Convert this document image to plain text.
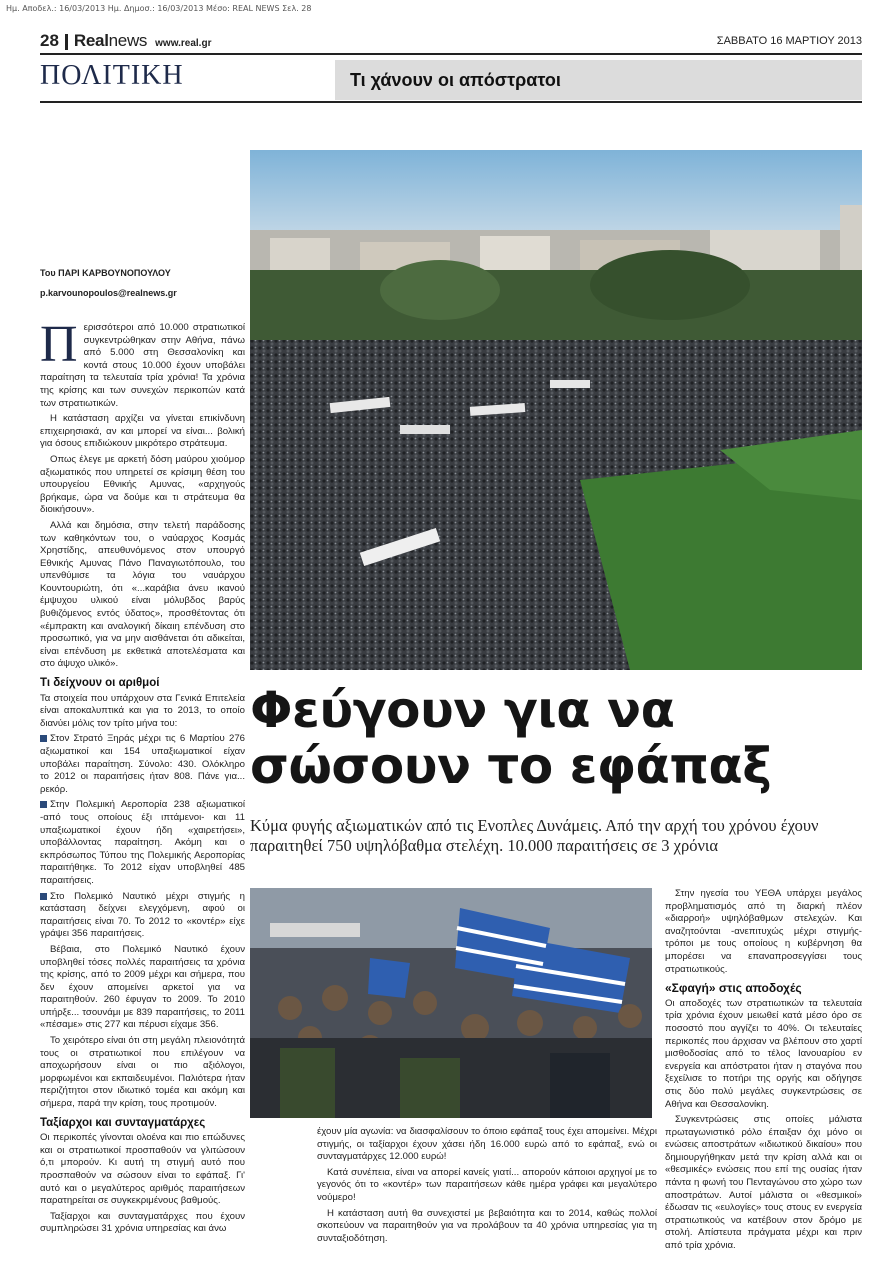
Ημ. Αποδελ.: 16/03/2013 Ημ. Δημοσ.: 16/03/2013 Μέσο: REAL NEWS Σελ. 28
28 Realnews www.real.gr	ΣΑΒΒΑΤΟ 16 ΜΑΡΤΙΟΥ 2013
ΠΟΛΙΤΙΚΗ	Τι χάνουν οι απόστρατοι
Του ΠΑΡΙ ΚΑΡΒΟΥΝΟΠΟΥΛΟΥ
p.karvounopoulos@realnews.gr

Περισσότεροι από 10.000 στρατιωτικοί συγκεντρώθηκαν στην Αθήνα, πάνω από 5.000 στη Θεσσαλονίκη και κοντά στους 10.000 έχουν υποβάλει παραίτηση τα τελευταία τρία χρόνια! Τα χρόνια της κρίσης και των συνεχών περικοπών κατά των στρατιωτικών.

Η κατάσταση αρχίζει να γίνεται επικίνδυνη επιχειρησιακά, αν και μπορεί να είναι... βολική για όσους επιδιώκουν μικρότερο στράτευμα.

Οπως έλεγε με αρκετή δόση μαύρου χιούμορ αξιωματικός που υπηρετεί σε κρίσιμη θέση του υπουργείου Εθνικής Αμυνας, «αρχηγούς βρήκαμε, ώρα να δούμε και τι στράτευμα θα διοικήσουν».

Αλλά και δημόσια, στην τελετή παράδοσης των καθηκόντων του, ο ναύαρχος Κοσμάς Χρηστίδης, απευθυνόμενος στον υπουργό Εθνικής Αμυνας Πάνο Παναγιωτόπουλο, του υπενθύμισε τα λόγια του ναυάρχου Κουντουριώτη, ότι «...καράβια άνευ ικανού έμψυχου υλικού είναι μόλυβδος βαρύς βυθιζόμενος εντός ύδατος», προσθέτοντας ότι «έμπρακτη και αναλογική δίκαιη επένδυση στο προσωπικό, για να μην αισθάνεται ότι αδικείται, είναι επένδυση με εκθετικά αποτελέσματα και στο άψυχο υλικό».

Τι δείχνουν οι αριθμοί

Τα στοιχεία που υπάρχουν στα Γενικά Επιτελεία είναι αποκαλυπτικά και για το 2013, το οποίο διανύει μόλις τον τρίτο μήνα του:

Στον Στρατό Ξηράς μέχρι τις 6 Μαρτίου 276 αξιωματικοί και 154 υπαξιωματικοί είχαν υποβάλει παραίτηση. Σύνολο: 430. Ολόκληρο το 2012 οι παραιτήσεις ήταν 808. Πάνε για... ρεκόρ.

Στην Πολεμική Αεροπορία 238 αξιωματικοί -από τους οποίους έξι ιπτάμενοι- και 11 υπαξιωματικοί έχουν ήδη «χαιρετήσει», υποβάλλοντας παραίτηση. Ακόμη και ο εκπρόσωπος Τύπου της Πολεμικής Αεροπορίας παραιτήθηκε. Το 2012 είχαν υποβληθεί 485 παραιτήσεις.

Στο Πολεμικό Ναυτικό μέχρι στιγμής η κατάσταση δείχνει ελεγχόμενη, αφού οι παραιτήσεις είναι 70. Το 2012 το «κοντέρ» είχε γράψει 356 παραιτήσεις.

Βέβαια, στο Πολεμικό Ναυτικό έχουν υποβληθεί τόσες πολλές παραιτήσεις τα χρόνια της κρίσης, από το 2009 μέχρι και σήμερα, που δεν έχουν απομείνει αρκετοί για να παραιτηθούν. 260 έφυγαν το 2009. Το 2010 υπήρξε... τσουνάμι με 839 παραιτήσεις, το 2011 «πέσαμε» στις 277 και πέρυσι είχαμε 356.

Το χειρότερο είναι ότι στη μεγάλη πλειονότητά τους οι στρατιωτικοί που επιλέγουν να αποχωρήσουν είναι οι πιο αξιόλογοι, μορφωμένοι και εκπαιδευμένοι. Παλιότερα ήταν περιζήτητοι στον ιδιωτικό τομέα και ακόμη και σήμερα, παρά την κρίση, τους προτιμούν.

Ταξίαρχοι και συνταγματάρχες

Οι περικοπές γίνονται ολοένα και πιο επώδυνες και οι στρατιωτικοί προσπαθούν να γλιτώσουν ό,τι μπορούν. Κι αυτή τη στιγμή αυτό που προσπαθούν να σώσουν είναι το εφάπαξ. Γι' αυτό και ο μεγαλύτερος αριθμός παραιτήσεων παρατηρείται σε συγκεκριμένους βαθμούς.

Ταξίαρχοι και συνταγματάρχες που έχουν συμπληρώσει 31 χρόνια υπηρεσίας και άνω

Φεύγουν για να
σώσουν το εφάπαξ
Κύμα φυγής αξιωματικών από τις Ενοπλες Δυνάμεις. Από την αρχή του χρόνου έχουν παραιτηθεί 750 υψηλόβαθμα στελέχη. 10.000 παραιτήσεις σε 3 χρόνια

έχουν μία αγωνία: να διασφαλίσουν το όποιο εφάπαξ τους έχει απομείνει. Μέχρι στιγμής, οι ταξίαρχοι έχουν χάσει ήδη 16.000 ευρώ από το εφάπαξ, ενώ οι συνταγματάρχες 12.000 ευρώ!

Κατά συνέπεια, είναι να απορεί κανείς γιατί... απορούν κάποιοι αρχηγοί με το γεγονός ότι το «κοντέρ» των παραιτήσεων κάθε ημέρα γράφει και μεγαλύτερο νούμερο!

Η κατάσταση αυτή θα συνεχιστεί με βεβαιότητα και το 2014, καθώς πολλοί σκοπεύουν να παραιτηθούν για να προλάβουν τα 40 χρόνια υπηρεσίας για τη συνταξιοδότηση.

Στην ηγεσία του ΥΕΘΑ υπάρχει μεγάλος προβληματισμός από τη διαρκή πλέον «διαρροή» υψηλόβαθμων στελεχών. Και αναζητούνται -ανεπιτυχώς μέχρι στιγμής- τρόποι με τους οποίους η κυβέρνηση θα μπορέσει να επαναπροσεγγίσει τους στρατιωτικούς.

«Σφαγή» στις αποδοχές

Οι αποδοχές των στρατιωτικών τα τελευταία τρία χρόνια έχουν μειωθεί κατά μέσο όρο σε ποσοστό που αγγίζει το 40%. Οι τελευταίες περικοπές που άρχισαν να βλέπουν στο χαρτί μισθοδοσίας από το τέλος Ιανουαρίου εν ενεργεία και απόστρατοι ήταν η σταγόνα που ξεχείλισε το ποτήρι της οργής και οδήγησε στις δύο πολύ μεγάλες συγκεντρώσεις σε Αθήνα και Θεσσαλονίκη.

Συγκεντρώσεις στις οποίες μάλιστα πρωταγωνιστικό ρόλο έπαιξαν όχι μόνο οι ενώσεις αποστράτων «ιδιωτικού δικαίου» που δημιουργήθηκαν μετά την κρίση αλλά και οι «θεσμικές» ενώσεις που επί της ουσίας ήταν πάντα η φωνή του Πενταγώνου στο χώρο των αποστράτων. Αυτοί μάλιστα οι «θεσμικοί» έδωσαν τις «ευλογίες» τους στους εν ενεργεία στρατιωτικούς να κατέβουν στον δρόμο με στολή. Απίστευτα πράγματα μέχρι και πριν από τρία χρόνια.
